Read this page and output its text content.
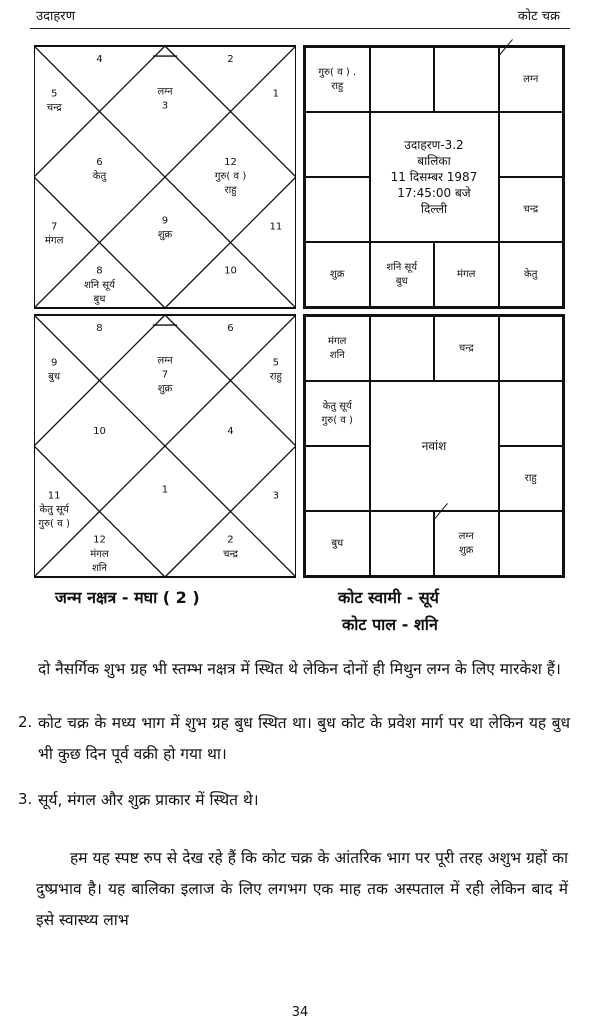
उदाहरण	कोट चक्र
लग्न
3
2
1
12
गुरु( व )
राहु
11
10
9
शुक्र
8
शनि सूर्य
बुध
7
मंगल
6
केतु
5
चन्द्र
4
गुरु( व ) .
राहु
लग्न
चन्द्र
शुक्र
शनि सूर्य
बुध
मंगल	केतु
उदाहरण-3.2
बालिका
11 दिसम्बर 1987
17:45:00 बजे
दिल्ली
लग्न
7
शुक्र
6
5
राहु
4
3
2
चन्द्र
1
12
मंगल
शनि
11
केतु सूर्य
गुरु( व )
10
9
बुध
8
मंगल
शनि
चन्द्र
केतु सूर्य
गुरु( व )
राहु
बुध
लग्न
शुक्र
नवांश
जन्म नक्षत्र - मघा ( 2 )	कोट स्वामी - सूर्य
कोट पाल - शनि
दो नैसर्गिक शुभ ग्रह भी स्तम्भ नक्षत्र में स्थित थे लेकिन दोनों ही मिथुन लग्न के लिए मारकेश हैं।
2. कोट चक्र के मध्य भाग में शुभ ग्रह बुध स्थित था। बुध कोट के प्रवेश मार्ग पर था लेकिन यह बुध भी कुछ दिन पूर्व वक्री हो गया था।
3. सूर्य, मंगल और शुक्र प्राकार में स्थित थे।
हम यह स्पष्ट रुप से देख रहे हैं कि कोट चक्र के आंतरिक भाग पर पूरी तरह अशुभ ग्रहों का दुष्प्रभाव है। यह बालिका इलाज के लिए लगभग एक माह तक अस्पताल में रही लेकिन बाद में इसे स्वास्थ्य लाभ
34
